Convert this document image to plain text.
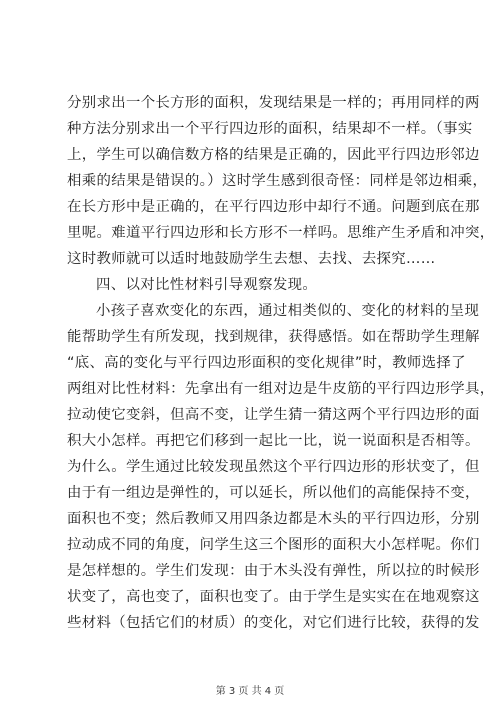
分别求出一个长方形的面积，发现结果是一样的；再用同样的两
种方法分别求出一个平行四边形的面积，结果却不一样。（事实
上，学生可以确信数方格的结果是正确的，因此平行四边形邻边
相乘的结果是错误的。）这时学生感到很奇怪：同样是邻边相乘，
在长方形中是正确的，在平行四边形中却行不通。问题到底在那
里呢。难道平行四边形和长方形不一样吗。思维产生矛盾和冲突，
这时教师就可以适时地鼓励学生去想、去找、去探究……
四、以对比性材料引导观察发现。
小孩子喜欢变化的东西，通过相类似的、变化的材料的呈现
能帮助学生有所发现，找到规律，获得感悟。如在帮助学生理解
“底、高的变化与平行四边形面积的变化规律”时，教师选择了
两组对比性材料：先拿出有一组对边是牛皮筋的平行四边形学具，
拉动使它变斜，但高不变，让学生猜一猜这两个平行四边形的面
积大小怎样。再把它们移到一起比一比，说一说面积是否相等。
为什么。学生通过比较发现虽然这个平行四边形的形状变了，但
由于有一组边是弹性的，可以延长，所以他们的高能保持不变，
面积也不变；然后教师又用四条边都是木头的平行四边形，分别
拉动成不同的角度，问学生这三个图形的面积大小怎样呢。你们
是怎样想的。学生们发现：由于木头没有弹性，所以拉的时候形
状变了，高也变了，面积也变了。由于学生是实实在在地观察这
些材料（包括它们的材质）的变化，对它们进行比较，获得的发
第 3 页 共 4 页
